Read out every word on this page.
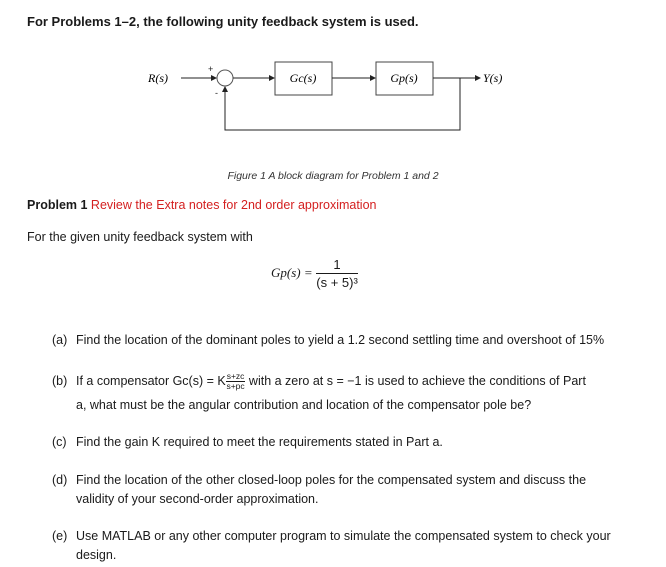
For Problems 1–2, the following unity feedback system is used.
R(s)
+
-
Gc(s)	Gp(s)	Y(s)
Figure 1 A block diagram for Problem 1 and 2
Problem 1 Review the Extra notes for 2nd order approximation
For the given unity feedback system with
$Gp(s) = \frac{1}{\text{(s + 5)³}}$
(a) Find the location of the dominant poles to yield a 1.2 second settling time and overshoot of 15%
(b) If a compensator Gc(s) = K $\frac{s+zc}{s+pc}$ with a zero at s = −1 is used to achieve the conditions of Part
a, what must be the angular contribution and location of the compensator pole be?
(c) Find the gain K required to meet the requirements stated in Part a.
(d) Find the location of the other closed-loop poles for the compensated system and discuss the validity of your second-order approximation.
(e) Use MATLAB or any other computer program to simulate the compensated system to check your design.
